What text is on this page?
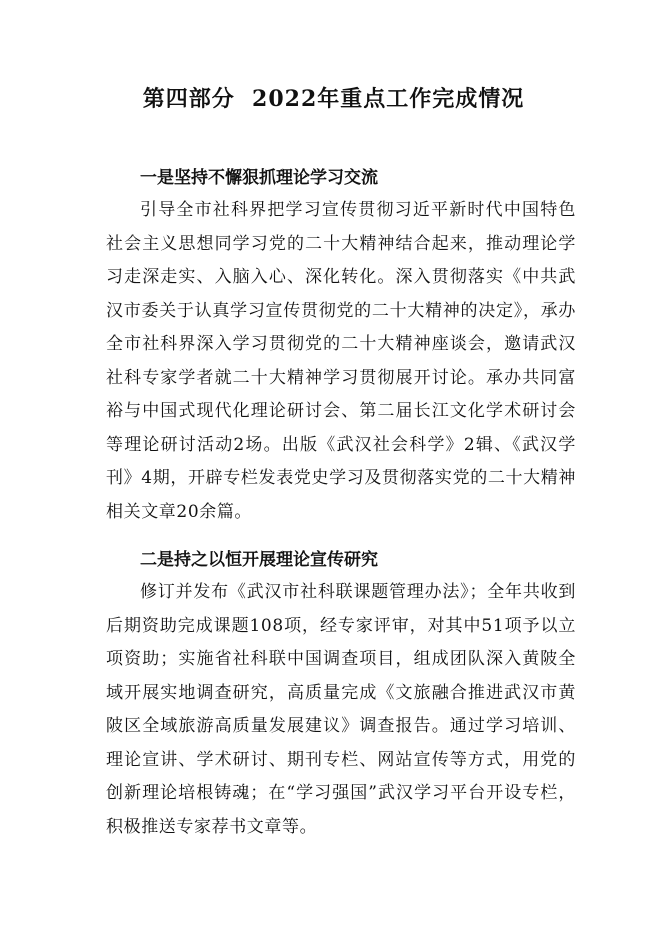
第四部分  2022年重点工作完成情况
一是坚持不懈狠抓理论学习交流
引导全市社科界把学习宣传贯彻习近平新时代中国特色社会主义思想同学习党的二十大精神结合起来，推动理论学习走深走实、入脑入心、深化转化。深入贯彻落实《中共武汉市委关于认真学习宣传贯彻党的二十大精神的决定》，承办全市社科界深入学习贯彻党的二十大精神座谈会，邀请武汉社科专家学者就二十大精神学习贯彻展开讨论。承办共同富裕与中国式现代化理论研讨会、第二届长江文化学术研讨会等理论研讨活动2场。出版《武汉社会科学》2辑、《武汉学刊》4期，开辟专栏发表党史学习及贯彻落实党的二十大精神相关文章20余篇。
二是持之以恒开展理论宣传研究
修订并发布《武汉市社科联课题管理办法》；全年共收到后期资助完成课题108项，经专家评审，对其中51项予以立项资助；实施省社科联中国调查项目，组成团队深入黄陂全域开展实地调查研究，高质量完成《文旅融合推进武汉市黄陂区全域旅游高质量发展建议》调查报告。通过学习培训、理论宣讲、学术研讨、期刊专栏、网站宣传等方式，用党的创新理论培根铸魂；在“学习强国”武汉学习平台开设专栏，积极推送专家荐书文章等。
